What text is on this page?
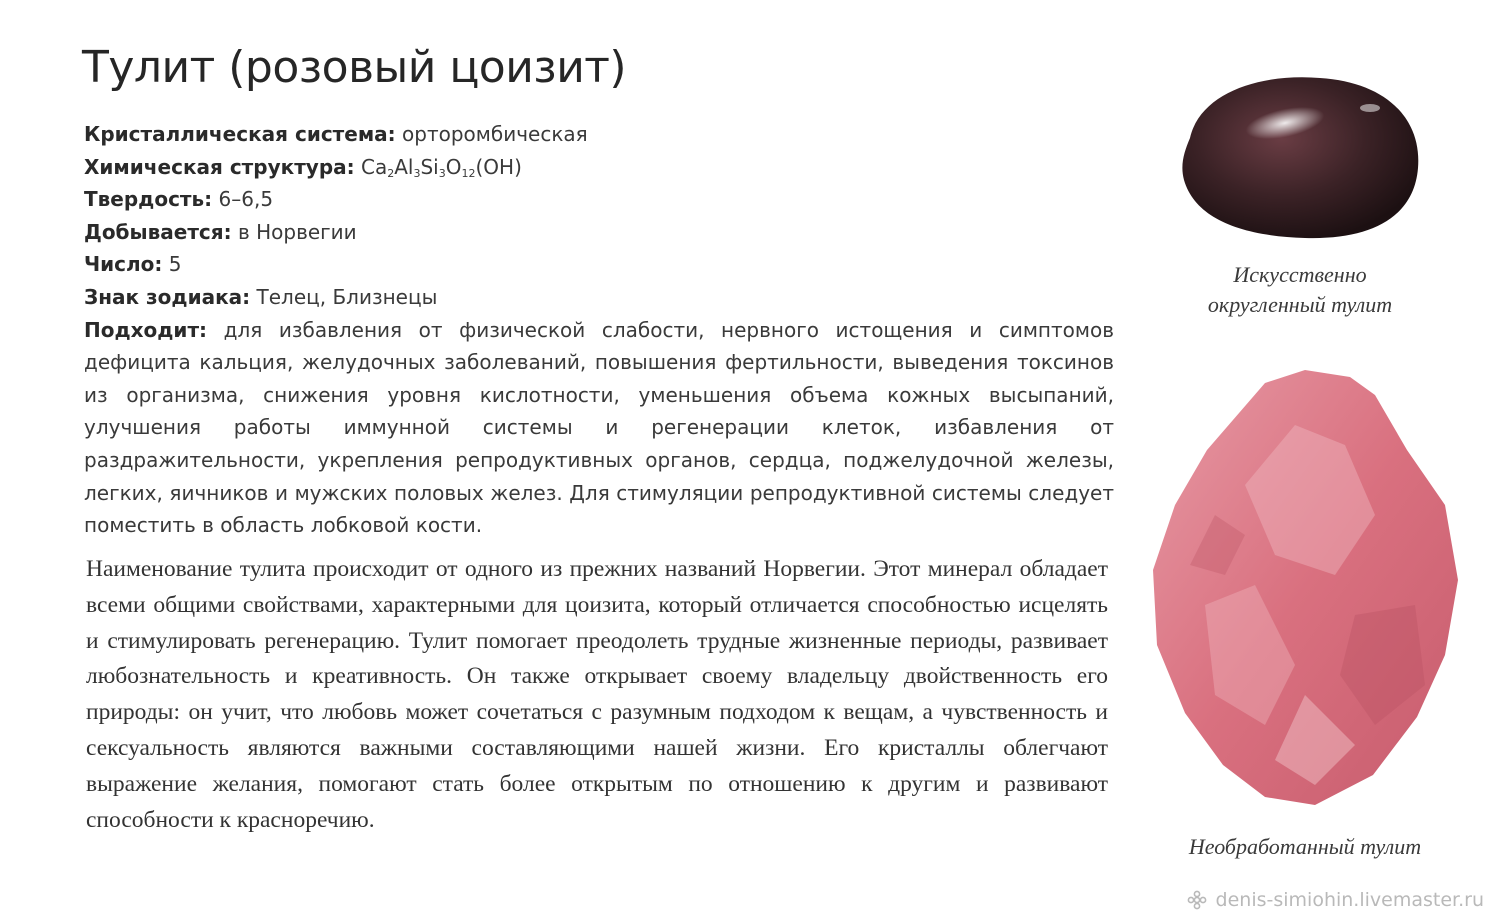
Тулит (розовый цоизит)
Кристаллическая система: орторомбическая
Химическая структура: $Ca_2Al_3Si_3O_{12}(OH)$
Твердость: 6–6,5
Добывается: в Норвегии
Число: 5
Знак зодиака: Телец, Близнецы
Подходит: для избавления от физической слабости, нервного истощения и симптомов дефицита кальция, желудочных заболеваний, повышения фертильности, выведения токсинов из организма, снижения уровня кислотности, уменьшения объема кожных высыпаний, улучшения работы иммунной системы и регенерации клеток, избавления от раздражительности, укрепления репродуктивных органов, сердца, поджелудочной железы, легких, яичников и мужских половых желез. Для стимуляции репродуктивной системы следует поместить в область лобковой кости.

Наименование тулита происходит от одного из прежних названий Норвегии. Этот минерал обладает всеми общими свойствами, характерными для цоизита, который отличается способностью исцелять и стимулировать регенерацию. Тулит помогает преодолеть трудные жизненные периоды, развивает любознательность и креативность. Он также открывает своему владельцу двойственность его природы: он учит, что любовь может сочетаться с разумным подходом к вещам, а чувственность и сексуальность являются важными составляющими нашей жизни. Его кристаллы облегчают выражение желания, помогают стать более открытым по отношению к другим и развивают способности к красноречию.

Искусственно
округленный тулит
Необработанный тулит
denis-simiohin.livemaster.ru
